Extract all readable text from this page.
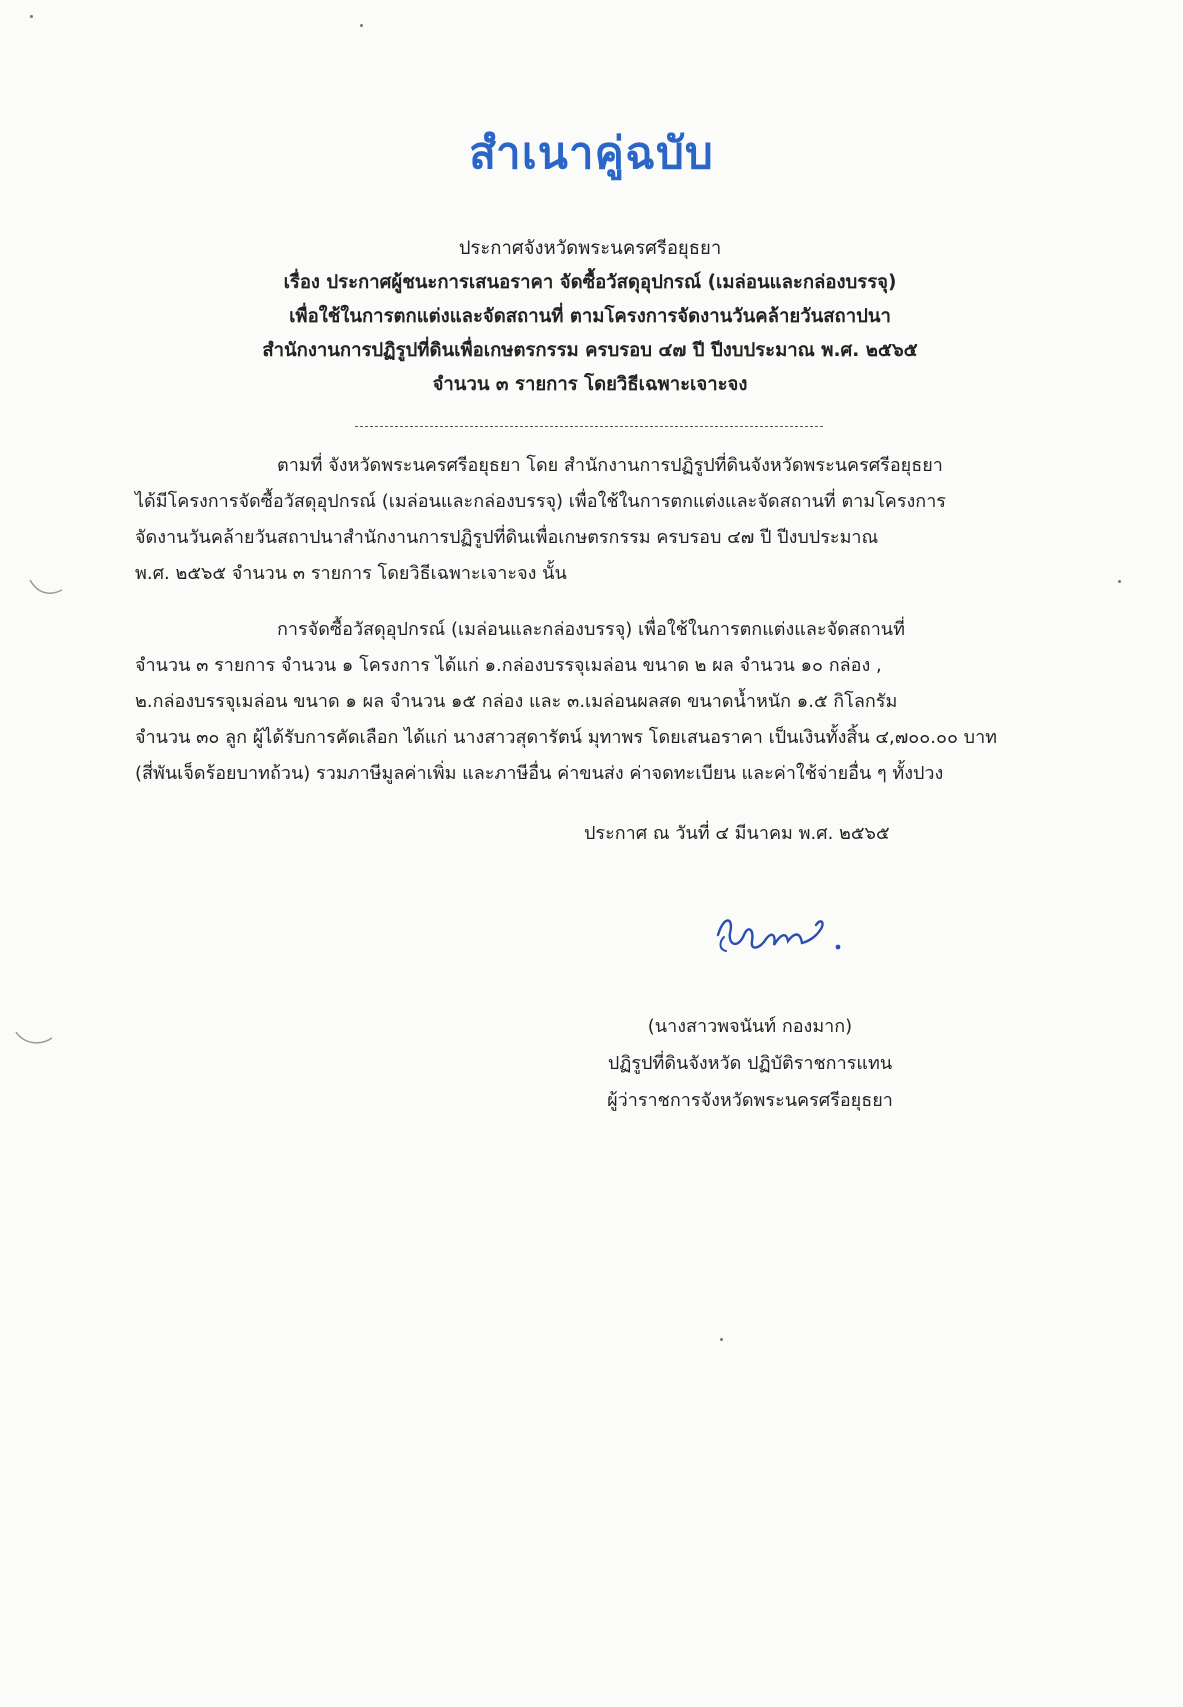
สำเนาคู่ฉบับ
ประกาศจังหวัดพระนครศรีอยุธยา
เรื่อง ประกาศผู้ชนะการเสนอราคา จัดซื้อวัสดุอุปกรณ์ (เมล่อนและกล่องบรรจุ)
เพื่อใช้ในการตกแต่งและจัดสถานที่ ตามโครงการจัดงานวันคล้ายวันสถาปนา
สำนักงานการปฏิรูปที่ดินเพื่อเกษตรกรรม ครบรอบ ๔๗ ปี ปีงบประมาณ พ.ศ. ๒๕๖๕
จำนวน ๓ รายการ โดยวิธีเฉพาะเจาะจง
ตามที่ จังหวัดพระนครศรีอยุธยา โดย สำนักงานการปฏิรูปที่ดินจังหวัดพระนครศรีอยุธยา
ได้มีโครงการจัดซื้อวัสดุอุปกรณ์ (เมล่อนและกล่องบรรจุ) เพื่อใช้ในการตกแต่งและจัดสถานที่ ตามโครงการ
จัดงานวันคล้ายวันสถาปนาสำนักงานการปฏิรูปที่ดินเพื่อเกษตรกรรม ครบรอบ ๔๗ ปี ปีงบประมาณ
พ.ศ. ๒๕๖๕ จำนวน ๓ รายการ โดยวิธีเฉพาะเจาะจง นั้น
การจัดซื้อวัสดุอุปกรณ์ (เมล่อนและกล่องบรรจุ) เพื่อใช้ในการตกแต่งและจัดสถานที่
จำนวน ๓ รายการ จำนวน ๑ โครงการ ได้แก่ ๑.กล่องบรรจุเมล่อน ขนาด ๒ ผล จำนวน ๑๐ กล่อง ,
๒.กล่องบรรจุเมล่อน ขนาด ๑ ผล จำนวน ๑๕ กล่อง และ ๓.เมล่อนผลสด ขนาดน้ำหนัก ๑.๕ กิโลกรัม
จำนวน ๓๐ ลูก ผู้ได้รับการคัดเลือก ได้แก่ นางสาวสุดารัตน์ มุทาพร โดยเสนอราคา เป็นเงินทั้งสิ้น ๔,๗๐๐.๐๐ บาท
(สี่พันเจ็ดร้อยบาทถ้วน) รวมภาษีมูลค่าเพิ่ม และภาษีอื่น ค่าขนส่ง ค่าจดทะเบียน และค่าใช้จ่ายอื่น ๆ ทั้งปวง
ประกาศ ณ วันที่ ๔ มีนาคม พ.ศ. ๒๕๖๕
(นางสาวพจนันท์ กองมาก)
ปฏิรูปที่ดินจังหวัด ปฏิบัติราชการแทน
ผู้ว่าราชการจังหวัดพระนครศรีอยุธยา
